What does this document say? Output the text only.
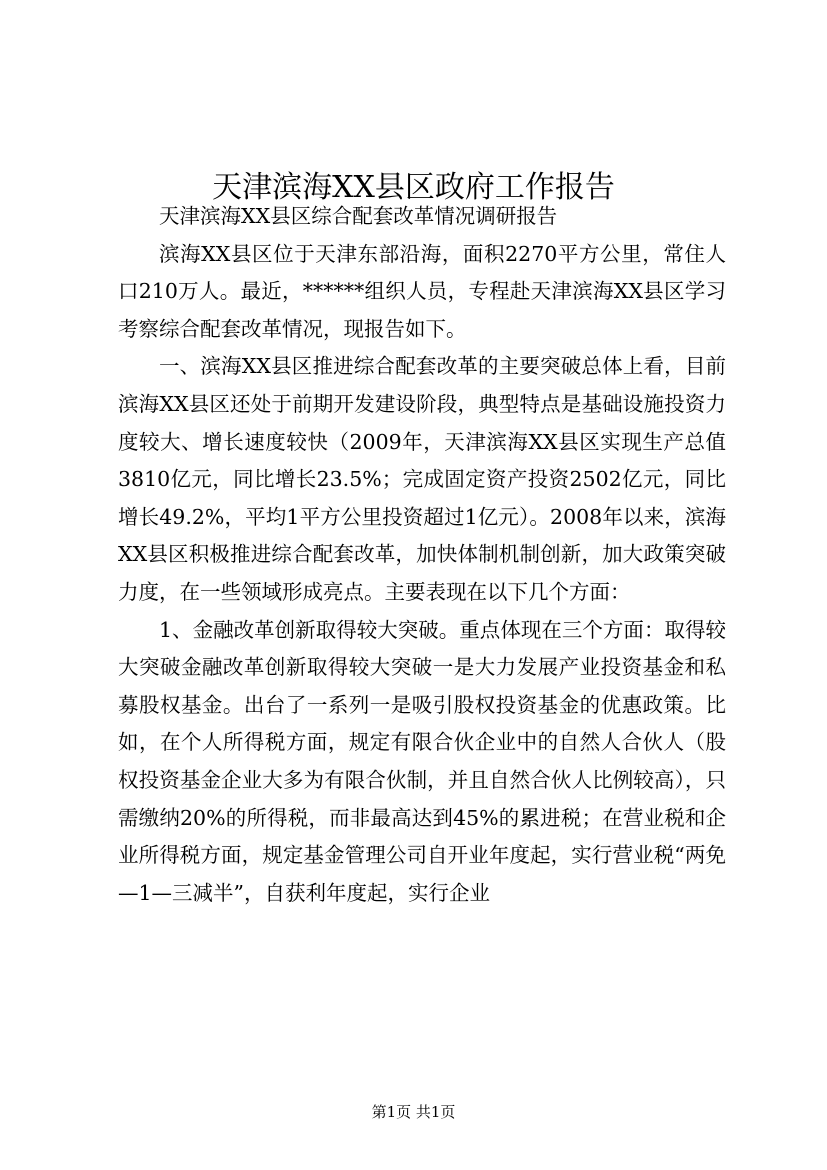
天津滨海XX县区政府工作报告

天津滨海XX县区综合配套改革情况调研报告

滨海XX县区位于天津东部沿海，面积2270平方公里，常住人口210万人。最近，******组织人员，专程赴天津滨海XX县区学习考察综合配套改革情况，现报告如下。

一、滨海XX县区推进综合配套改革的主要突破总体上看，目前滨海XX县区还处于前期开发建设阶段，典型特点是基础设施投资力度较大、增长速度较快（2009年，天津滨海XX县区实现生产总值3810亿元，同比增长23.5%；完成固定资产投资2502亿元，同比增长49.2%，平均1平方公里投资超过1亿元）。2008年以来，滨海XX县区积极推进综合配套改革，加快体制机制创新，加大政策突破力度，在一些领域形成亮点。主要表现在以下几个方面：

1、金融改革创新取得较大突破。重点体现在三个方面：取得较大突破金融改革创新取得较大突破一是大力发展产业投资基金和私募股权基金。出台了一系列一是吸引股权投资基金的优惠政策。比如，在个人所得税方面，规定有限合伙企业中的自然人合伙人（股权投资基金企业大多为有限合伙制，并且自然合伙人比例较高），只需缴纳20%的所得税，而非最高达到45%的累进税；在营业税和企业所得税方面，规定基金管理公司自开业年度起，实行营业税“两免—1—三减半”，自获利年度起，实行企业

第1页 共1页
